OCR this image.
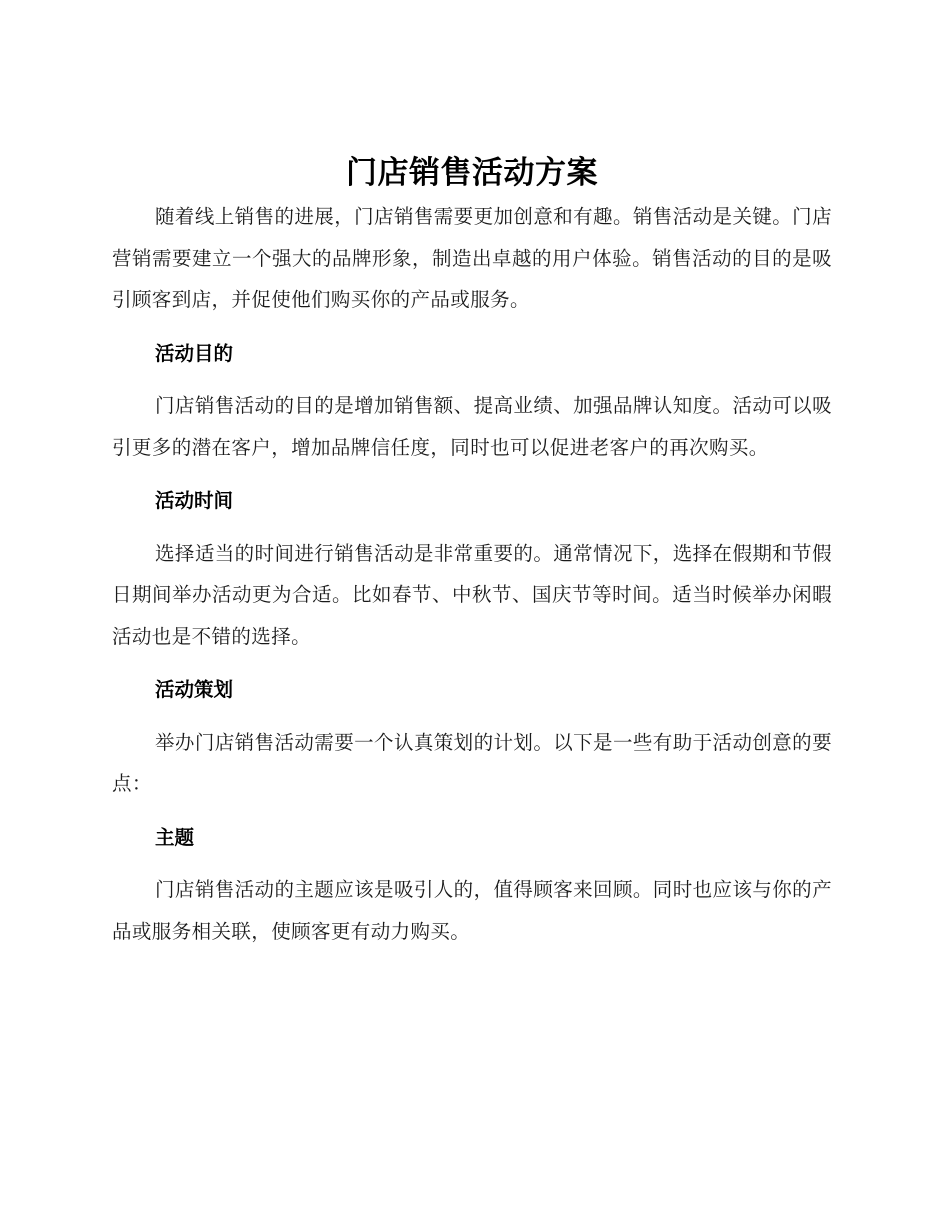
门店销售活动方案

随着线上销售的进展，门店销售需要更加创意和有趣。销售活动是关键。门店营销需要建立一个强大的品牌形象，制造出卓越的用户体验。销售活动的目的是吸引顾客到店，并促使他们购买你的产品或服务。

活动目的

门店销售活动的目的是增加销售额、提高业绩、加强品牌认知度。活动可以吸引更多的潜在客户，增加品牌信任度，同时也可以促进老客户的再次购买。

活动时间

选择适当的时间进行销售活动是非常重要的。通常情况下，选择在假期和节假日期间举办活动更为合适。比如春节、中秋节、国庆节等时间。适当时候举办闲暇活动也是不错的选择。

活动策划

举办门店销售活动需要一个认真策划的计划。以下是一些有助于活动创意的要点：

主题

门店销售活动的主题应该是吸引人的，值得顾客来回顾。同时也应该与你的产品或服务相关联，使顾客更有动力购买。
